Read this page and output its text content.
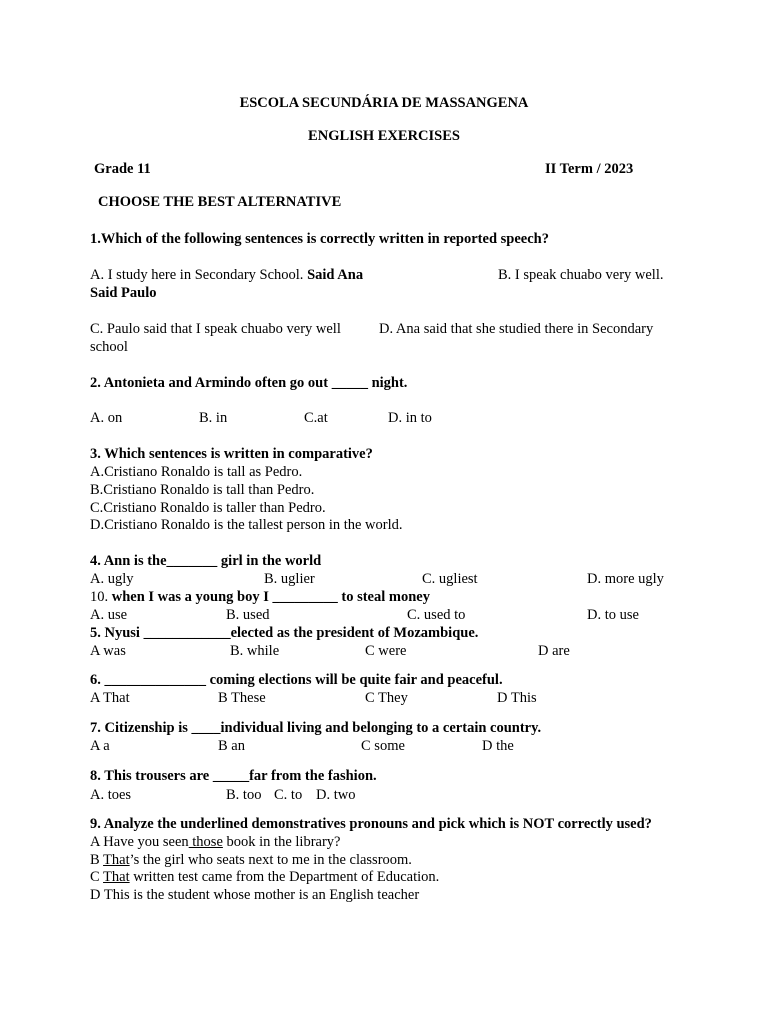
ESCOLA SECUNDÁRIA DE MASSANGENA
ENGLISH EXERCISES
Grade 11	II Term / 2023
CHOOSE THE BEST ALTERNATIVE
1.Which of the following sentences is correctly written in reported speech?
A. I study here in Secondary School. Said Ana	B. I speak chuabo very well.
Said Paulo
C. Paulo said that I speak chuabo very well	D. Ana said that she studied there in Secondary
school
2. Antonieta and Armindo often go out _____ night.
A. on	B. in	C.at	D. in to
3. Which sentences is written in comparative?
A.Cristiano Ronaldo is tall as Pedro.
B.Cristiano Ronaldo is tall than Pedro.
C.Cristiano Ronaldo is taller than Pedro.
D.Cristiano Ronaldo is the tallest person in the world.
4. Ann is the_______ girl in the world
A. ugly	B. uglier	C. ugliest	D. more ugly
10. when I was a young boy I _________ to steal money
A. use	B. used	C. used to	D. to use
5. Nyusi ____________elected as the president of Mozambique.
A was	B. while	C were	D are
6. ______________ coming elections will be quite fair and peaceful.
A That	B These	C They	D This
7. Citizenship is ____individual living and belonging to a certain country.
A a	B an	C some	D the
8. This trousers are _____far from the fashion.
A. toes	B. too C. to D. two
9. Analyze the underlined demonstratives pronouns and pick which is NOT correctly used?
A Have you seen those book in the library?
B That’s the girl who seats next to me in the classroom.
C That written test came from the Department of Education.
D This is the student whose mother is an English teacher
